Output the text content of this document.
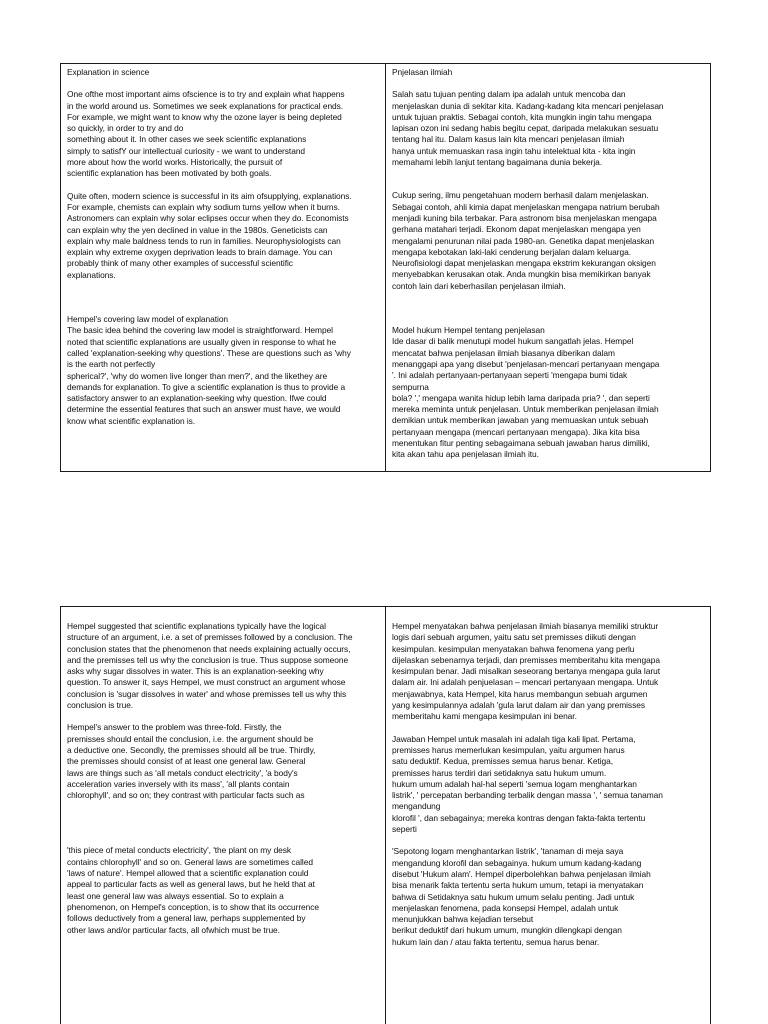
Explanation in science

One ofthe most important aims ofscience is to try and explain what happens
in the world around us. Sometimes we seek explanations for practical ends.
For example, we might want to know why the ozone layer is being depleted
so quickly, in order to try and do
something about it. In other cases we seek scientific explanations
simply to satisfY our intellectual curiosity - we want to understand
more about how the world works. Historically, the pursuit of
scientific explanation has been motivated by both goals.

Quite often, modern science is successful in its aim ofsupplying, explanations.
For example, chemists can explain why sodium turns yellow when it burns.
Astronomers can explain why solar eclipses occur when they do. Economists
can explain why the yen declined in value in the 1980s. Geneticists can
explain why male baldness tends to run in families. Neurophysiologists can
explain why extreme oxygen deprivation leads to brain damage. You can
probably think of many other examples of successful scientific
explanations.

Hempel's covering law model of explanation
The basic idea behind the covering law model is straightforward. Hempel
noted that scientific explanations are usually given in response to what he
called 'explanation-seeking why questions'. These are questions such as 'why
is the earth not perfectly
spherical?', 'why do women live longer than men?', and the likethey are
demands for explanation. To give a scientific explanation is thus to provide a
satisfactory answer to an explanation-seeking why question. Ifwe could
determine the essential features that such an answer must have, we would
know what scientific explanation is.

Pnjelasan ilmiah

Salah satu tujuan penting dalam ipa adalah untuk mencoba dan
menjelaskan dunia di sekitar kita. Kadang-kadang kita mencari penjelasan
untuk tujuan praktis. Sebagai contoh, kita mungkin ingin tahu mengapa
lapisan ozon ini sedang habis begitu cepat, daripada melakukan sesuatu
tentang hal itu. Dalam kasus lain kita mencari penjelasan ilmiah
hanya untuk memuaskan rasa ingin tahu intelektual kita - kita ingin
memahami lebih lanjut tentang bagaimana dunia bekerja.

Cukup sering, ilmu pengetahuan modern berhasil dalam menjelaskan.
Sebagai contoh, ahli kimia dapat menjelaskan mengapa natrium berubah
menjadi kuning bila terbakar. Para astronom bisa menjelaskan mengapa
gerhana matahari terjadi. Ekonom dapat menjelaskan mengapa yen
mengalami penurunan nilai pada 1980-an. Genetika dapat menjelaskan
mengapa kebotakan laki-laki cenderung berjalan dalam keluarga.
Neurofisiologi dapat menjelaskan mengapa ekstrim kekurangan oksigen
menyebabkan kerusakan otak. Anda mungkin bisa memikirkan banyak
contoh lain dari keberhasilan penjelasan ilmiah.

Model hukum Hempel tentang penjelasan
Ide dasar di balik menutupi model hukum sangatlah jelas. Hempel
mencatat bahwa penjelasan ilmiah biasanya diberikan dalam
menanggapi apa yang disebut 'penjelasan-mencari pertanyaan mengapa
'. Ini adalah pertanyaan-pertanyaan seperti 'mengapa bumi tidak
sempurna
bola? ',' mengapa wanita hidup lebih lama daripada pria? ', dan seperti
mereka meminta untuk penjelasan. Untuk memberikan penjelasan ilmiah
demikian untuk memberikan jawaban yang memuaskan untuk sebuah
pertanyaan mengapa (mencari pertanyaan mengapa). Jika kita bisa
menentukan fitur penting sebagaimana sebuah jawaban harus dimiliki,
kita akan tahu apa penjelasan ilmiah itu.

Hempel suggested that scientific explanations typically have the logical
structure of an argument, i.e. a set of premisses followed by a conclusion. The
conclusion states that the phenomenon that needs explaining actually occurs,
and the premisses tell us why the conclusion is true. Thus suppose someone
asks why sugar dissolves in water. This is an explanation-seeking why
question. To answer it, says Hempel, we must construct an argument whose
conclusion is 'sugar dissolves in water' and whose premisses tell us why this
conclusion is true.

Hempel's answer to the problem was three-fold. Firstly, the
premisses should entail the conclusion, i.e. the argument should be
a deductive one. Secondly, the premisses should all be true. Thirdly,
the premisses should consist of at least one general law. General
laws are things such as 'all metals conduct electricity', 'a body's
acceleration varies inversely with its mass', 'all plants contain
chlorophyll', and so on; they contrast with particular facts such as

'this piece of metal conducts electricity', 'the plant on my desk
contains chlorophyll' and so on. General laws are sometimes called
'laws of nature'. Hempel allowed that a scientific explanation could
appeal to particular facts as well as general laws, but he held that at
least one general law was always essential. So to explain a
phenomenon, on Hempel's conception, is to show that its occurrence
follows deductively from a general law, perhaps supplemented by
other laws and/or particular facts, all ofwhich must be true.

Hempel menyatakan bahwa penjelasan ilmiah biasanya memiliki struktur
logis dari sebuah argumen, yaitu satu set premisses diikuti dengan
kesimpulan. kesimpulan menyatakan bahwa fenomena yang perlu
dijelaskan sebenarnya terjadi, dan premisses memberitahu kita mengapa
kesimpulan benar. Jadi misalkan seseorang bertanya mengapa gula larut
dalam air. Ini adalah penjuelasan – mencari pertanyaan mengapa. Untuk
menjawabnya, kata Hempel, kita harus membangun sebuah argumen
yang kesimpulannya adalah 'gula larut dalam air dan yang premisses
memberitahu kami mengapa kesimpulan ini benar.

Jawaban Hempel untuk masalah ini adalah tiga kali lipat. Pertama,
premisses harus memerlukan kesimpulan, yaitu argumen harus
satu deduktif. Kedua, premisses semua harus benar. Ketiga,
premisses harus terdiri dari setidaknya satu hukum umum.
hukum umum adalah hal-hal seperti 'semua logam menghantarkan
listrik', ' percepatan berbanding terbalik dengan massa ', ' semua tanaman
mengandung
klorofil ', dan sebagainya; mereka kontras dengan fakta-fakta tertentu
seperti

'Sepotong logam menghantarkan listrik', 'tanaman di meja saya
mengandung klorofil dan sebagainya. hukum umum kadang-kadang
disebut 'Hukum alam'. Hempel diperbolehkan bahwa penjelasan ilmiah
bisa menarik fakta tertentu serta hukum umum, tetapi ia menyatakan
bahwa di Setidaknya satu hukum umum selalu penting. Jadi untuk
menjelaskan fenomena, pada konsepsi Hempel, adalah untuk
menunjukkan bahwa kejadian tersebut
berikut deduktif dari hukum umum, mungkin dilengkapi dengan
hukum lain dan / atau fakta tertentu, semua harus benar.
